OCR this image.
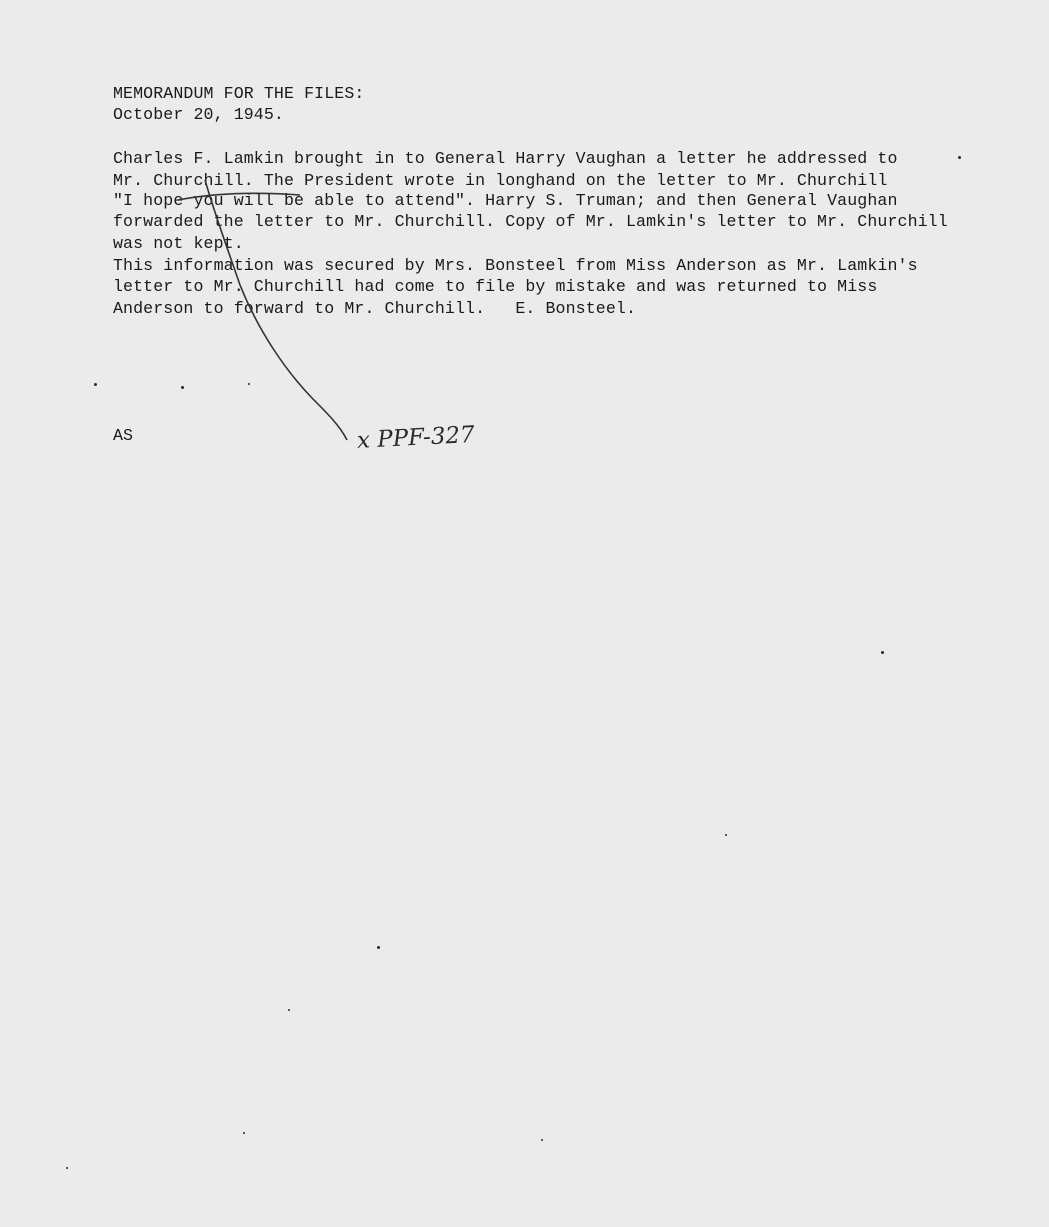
MEMORANDUM FOR THE FILES:

October 20, 1945.

Charles F. Lamkin brought in to General Harry Vaughan a letter he addressed to

Mr. Churchill. The President wrote in longhand on the letter to Mr. Churchill

"I hope you will be able to attend". Harry S. Truman; and then General Vaughan

forwarded the letter to Mr. Churchill. Copy of Mr. Lamkin's letter to Mr. Churchill

was not kept.

This information was secured by Mrs. Bonsteel from Miss Anderson as Mr. Lamkin's

letter to Mr. Churchill had come to file by mistake and was returned to Miss

Anderson to forward to Mr. Churchill.   E. Bonsteel.

AS	x PPF-327
